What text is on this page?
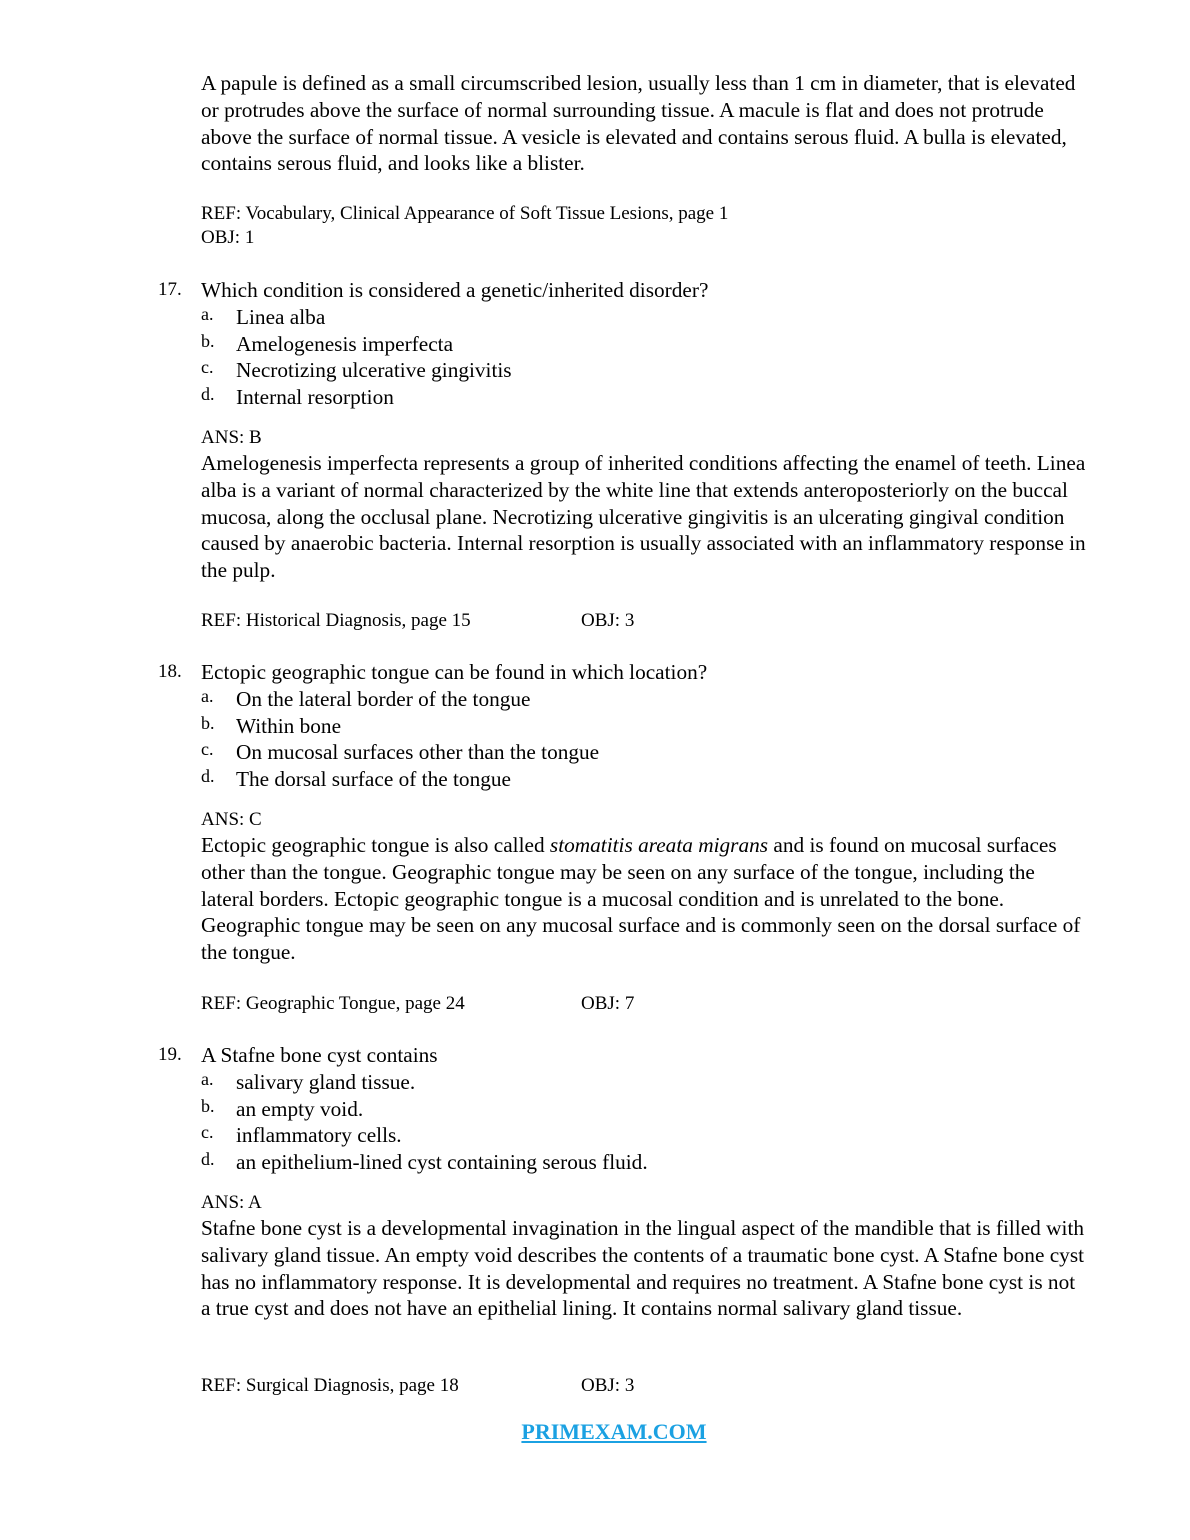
A papule is defined as a small circumscribed lesion, usually less than 1 cm in diameter, that is elevated or protrudes above the surface of normal surrounding tissue. A macule is flat and does not protrude above the surface of normal tissue. A vesicle is elevated and contains serous fluid. A bulla is elevated, contains serous fluid, and looks like a blister.

REF: Vocabulary, Clinical Appearance of Soft Tissue Lesions, page 1

OBJ: 1

17. Which condition is considered a genetic/inherited disorder?
a. Linea alba
b. Amelogenesis imperfecta
c. Necrotizing ulcerative gingivitis
d. Internal resorption
ANS: B

Amelogenesis imperfecta represents a group of inherited conditions affecting the enamel of teeth. Linea alba is a variant of normal characterized by the white line that extends anteroposteriorly on the buccal mucosa, along the occlusal plane. Necrotizing ulcerative gingivitis is an ulcerating gingival condition caused by anaerobic bacteria. Internal resorption is usually associated with an inflammatory response in the pulp.

REF: Historical Diagnosis, page 15	OBJ: 3
18. Ectopic geographic tongue can be found in which location?
a. On the lateral border of the tongue
b. Within bone
c. On mucosal surfaces other than the tongue
d. The dorsal surface of the tongue
ANS: C

Ectopic geographic tongue is also called stomatitis areata migrans and is found on mucosal surfaces other than the tongue. Geographic tongue may be seen on any surface of the tongue, including the lateral borders. Ectopic geographic tongue is a mucosal condition and is unrelated to the bone. Geographic tongue may be seen on any mucosal surface and is commonly seen on the dorsal surface of the tongue.

REF: Geographic Tongue, page 24	OBJ: 7
19. A Stafne bone cyst contains
a. salivary gland tissue.
b. an empty void.
c. inflammatory cells.
d. an epithelium-lined cyst containing serous fluid.
ANS: A

Stafne bone cyst is a developmental invagination in the lingual aspect of the mandible that is filled with salivary gland tissue. An empty void describes the contents of a traumatic bone cyst. A Stafne bone cyst has no inflammatory response. It is developmental and requires no treatment. A Stafne bone cyst is not a true cyst and does not have an epithelial lining. It contains normal salivary gland tissue.

REF: Surgical Diagnosis, page 18	OBJ: 3
PRIMEXAM.COM
